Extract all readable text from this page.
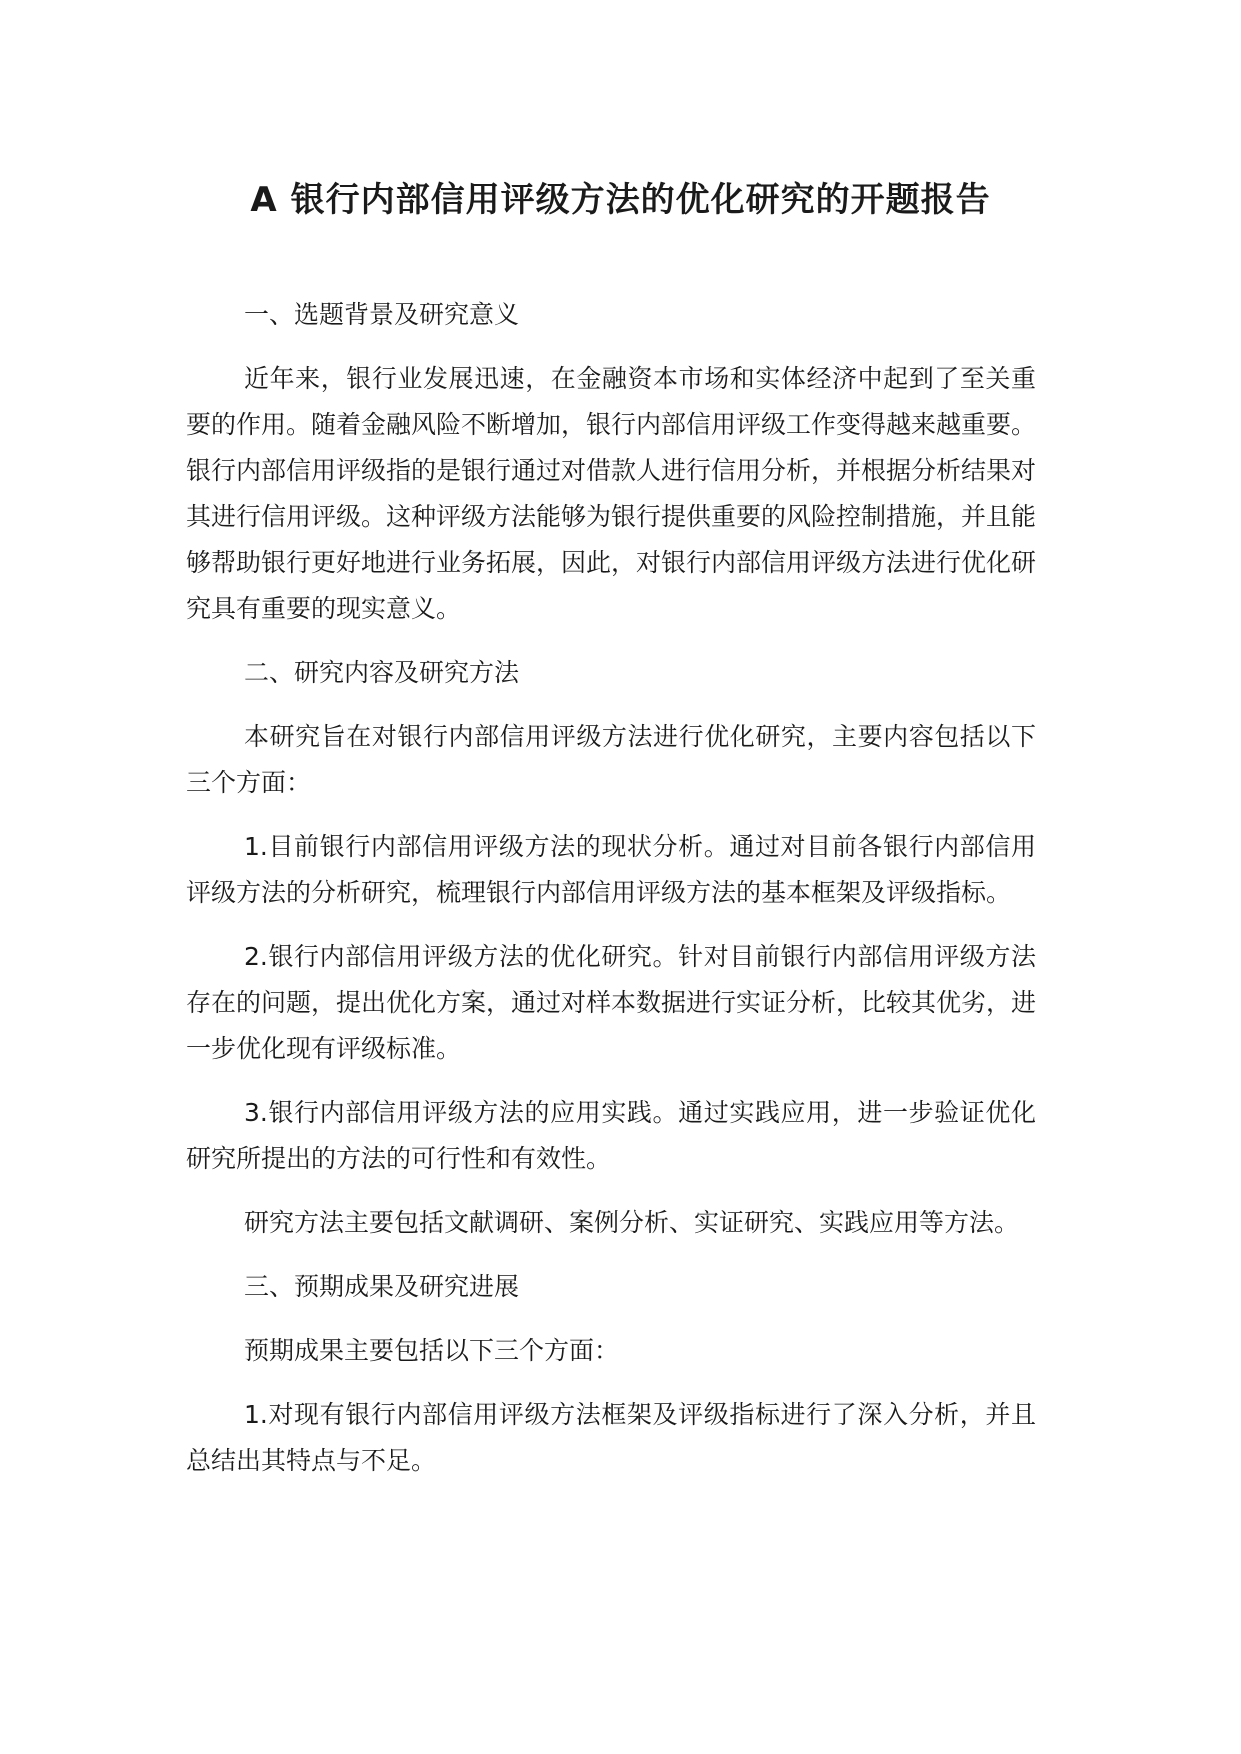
A 银行内部信用评级方法的优化研究的开题报告

一、选题背景及研究意义

近年来，银行业发展迅速，在金融资本市场和实体经济中起到了至关重要的作用。随着金融风险不断增加，银行内部信用评级工作变得越来越重要。银行内部信用评级指的是银行通过对借款人进行信用分析，并根据分析结果对其进行信用评级。这种评级方法能够为银行提供重要的风险控制措施，并且能够帮助银行更好地进行业务拓展，因此，对银行内部信用评级方法进行优化研究具有重要的现实意义。

二、研究内容及研究方法

本研究旨在对银行内部信用评级方法进行优化研究，主要内容包括以下三个方面：

1.目前银行内部信用评级方法的现状分析。通过对目前各银行内部信用评级方法的分析研究，梳理银行内部信用评级方法的基本框架及评级指标。

2.银行内部信用评级方法的优化研究。针对目前银行内部信用评级方法存在的问题，提出优化方案，通过对样本数据进行实证分析，比较其优劣，进一步优化现有评级标准。

3.银行内部信用评级方法的应用实践。通过实践应用，进一步验证优化研究所提出的方法的可行性和有效性。

研究方法主要包括文献调研、案例分析、实证研究、实践应用等方法。

三、预期成果及研究进展

预期成果主要包括以下三个方面：

1.对现有银行内部信用评级方法框架及评级指标进行了深入分析，并且总结出其特点与不足。
